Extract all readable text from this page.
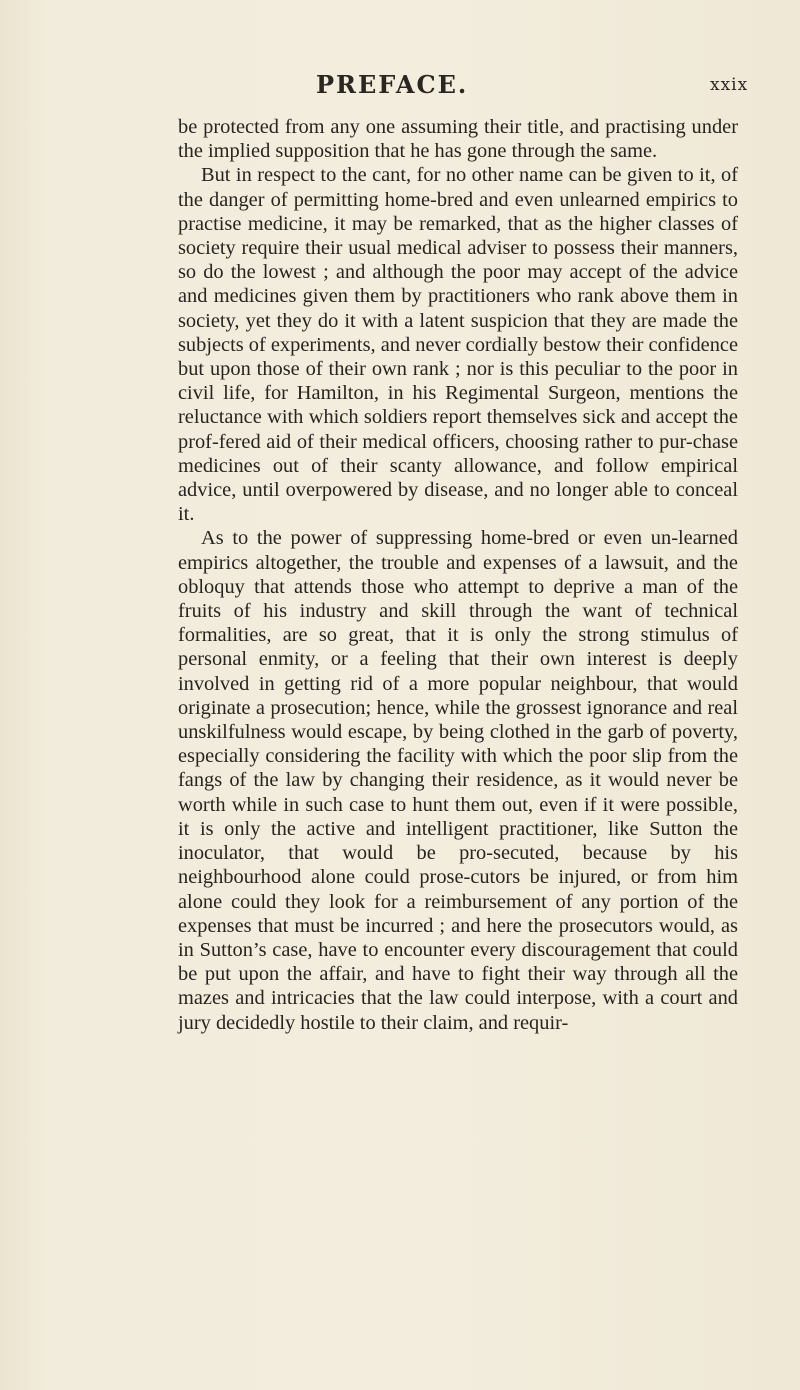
PREFACE.	xxix

be protected from any one assuming their title, and practising under the implied supposition that he has gone through the same.

But in respect to the cant, for no other name can be given to it, of the danger of permitting home-bred and even unlearned empirics to practise medicine, it may be remarked, that as the higher classes of society require their usual medical adviser to possess their manners, so do the lowest ; and although the poor may accept of the advice and medicines given them by practitioners who rank above them in society, yet they do it with a latent suspicion that they are made the subjects of experiments, and never cordially bestow their confidence but upon those of their own rank ; nor is this peculiar to the poor in civil life, for Hamilton, in his Regimental Surgeon, mentions the reluctance with which soldiers report themselves sick and accept the prof-fered aid of their medical officers, choosing rather to pur-chase medicines out of their scanty allowance, and follow empirical advice, until overpowered by disease, and no longer able to conceal it.

As to the power of suppressing home-bred or even un-learned empirics altogether, the trouble and expenses of a lawsuit, and the obloquy that attends those who attempt to deprive a man of the fruits of his industry and skill through the want of technical formalities, are so great, that it is only the strong stimulus of personal enmity, or a feeling that their own interest is deeply involved in getting rid of a more popular neighbour, that would originate a prosecution; hence, while the grossest ignorance and real unskilfulness would escape, by being clothed in the garb of poverty, especially considering the facility with which the poor slip from the fangs of the law by changing their residence, as it would never be worth while in such case to hunt them out, even if it were possible, it is only the active and intelligent practitioner, like Sutton the inoculator, that would be pro-secuted, because by his neighbourhood alone could prose-cutors be injured, or from him alone could they look for a reimbursement of any portion of the expenses that must be incurred ; and here the prosecutors would, as in Sutton’s case, have to encounter every discouragement that could be put upon the affair, and have to fight their way through all the mazes and intricacies that the law could interpose, with a court and jury decidedly hostile to their claim, and requir-
